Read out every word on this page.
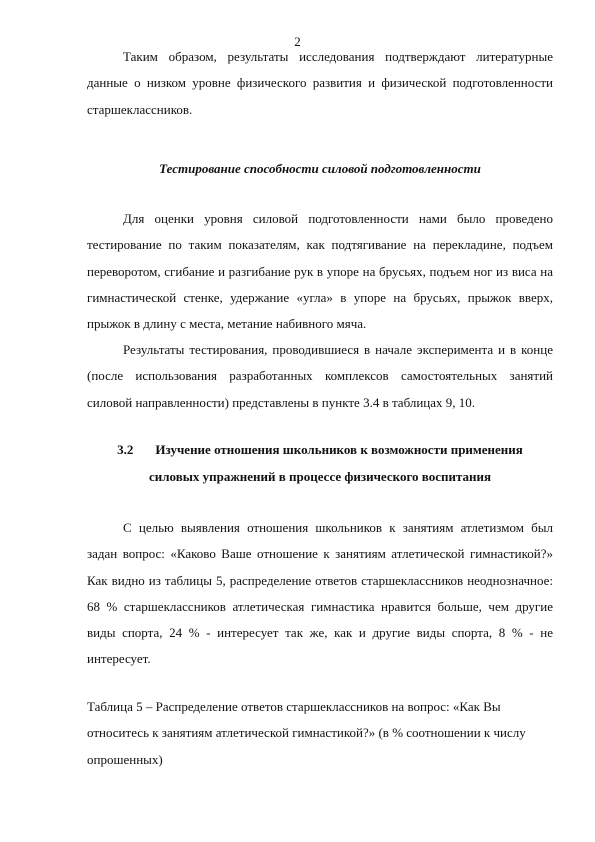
2

Таким образом, результаты исследования подтверждают литературные данные о низком уровне физического развития и физической подготовленности старшеклассников.

Тестирование способности силовой подготовленности

Для оценки уровня силовой подготовленности нами было проведено тестирование по таким показателям, как подтягивание на перекладине, подъем переворотом, сгибание и разгибание рук в упоре на брусьях, подъем ног из виса на гимнастической стенке, удержание «угла» в упоре на брусьях, прыжок вверх, прыжок в длину с места, метание набивного мяча.

Результаты тестирования, проводившиеся в начале эксперимента и в конце (после использования разработанных комплексов самостоятельных занятий силовой направленности) представлены в пункте 3.4 в таблицах 9, 10.

3.2 Изучение отношения школьников к возможности применения
силовых упражнений в процессе физического воспитания

С целью выявления отношения школьников к занятиям атлетизмом был задан вопрос: «Каково Ваше отношение к занятиям атлетической гимнастикой?» Как видно из таблицы 5, распределение ответов старшеклассников неоднозначное: 68 % старшеклассников атлетическая гимнастика нравится больше, чем другие виды спорта, 24 % - интересует так же, как и другие виды спорта, 8 % - не интересует.

Таблица 5 – Распределение ответов старшеклассников на вопрос: «Как Вы относитесь к занятиям атлетической гимнастикой?» (в % соотношении к числу опрошенных)
